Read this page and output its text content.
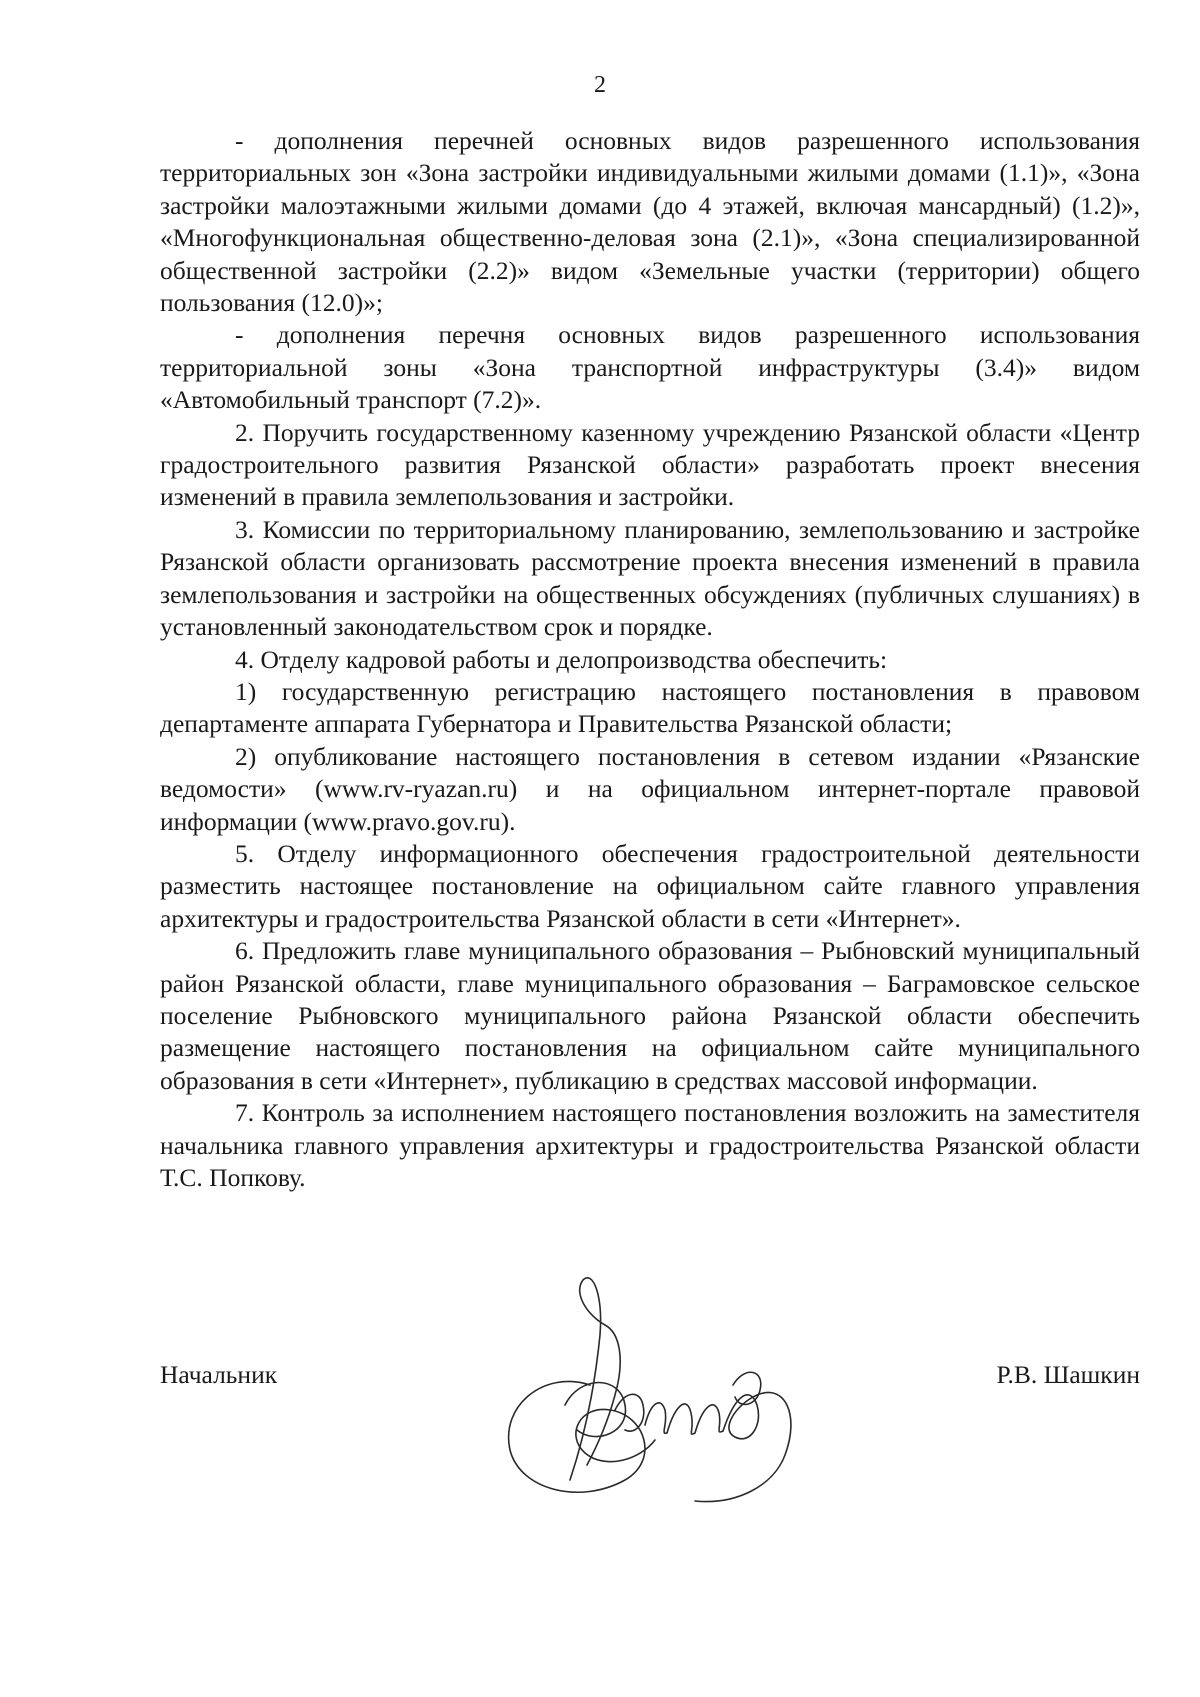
2

- дополнения перечней основных видов разрешенного использования территориальных зон «Зона застройки индивидуальными жилыми домами (1.1)», «Зона застройки малоэтажными жилыми домами (до 4 этажей, включая мансардный) (1.2)», «Многофункциональная общественно-деловая зона (2.1)», «Зона специализированной общественной застройки (2.2)» видом «Земельные участки (территории) общего пользования (12.0)»;

- дополнения перечня основных видов разрешенного использования территориальной зоны «Зона транспортной инфраструктуры (3.4)» видом «Автомобильный транспорт (7.2)».

2. Поручить государственному казенному учреждению Рязанской области «Центр градостроительного развития Рязанской области» разработать проект внесения изменений в правила землепользования и застройки.

3. Комиссии по территориальному планированию, землепользованию и застройке Рязанской области организовать рассмотрение проекта внесения изменений в правила землепользования и застройки на общественных обсуждениях (публичных слушаниях) в установленный законодательством срок и порядке.

4. Отделу кадровой работы и делопроизводства обеспечить:

1) государственную регистрацию настоящего постановления в правовом департаменте аппарата Губернатора и Правительства Рязанской области;

2) опубликование настоящего постановления в сетевом издании «Рязанские ведомости» (www.rv-ryazan.ru) и на официальном интернет-портале правовой информации (www.pravo.gov.ru).

5. Отделу информационного обеспечения градостроительной деятельности разместить настоящее постановление на официальном сайте главного управления архитектуры и градостроительства Рязанской области в сети «Интернет».

6. Предложить главе муниципального образования – Рыбновский муниципальный район Рязанской области, главе муниципального образования – Баграмовское сельское поселение Рыбновского муниципального района Рязанской области обеспечить размещение настоящего постановления на официальном сайте муниципального образования в сети «Интернет», публикацию в средствах массовой информации.

7. Контроль за исполнением настоящего постановления возложить на заместителя начальника главного управления архитектуры и градостроительства Рязанской области Т.С. Попкову.

Начальник	Р.В. Шашкин
